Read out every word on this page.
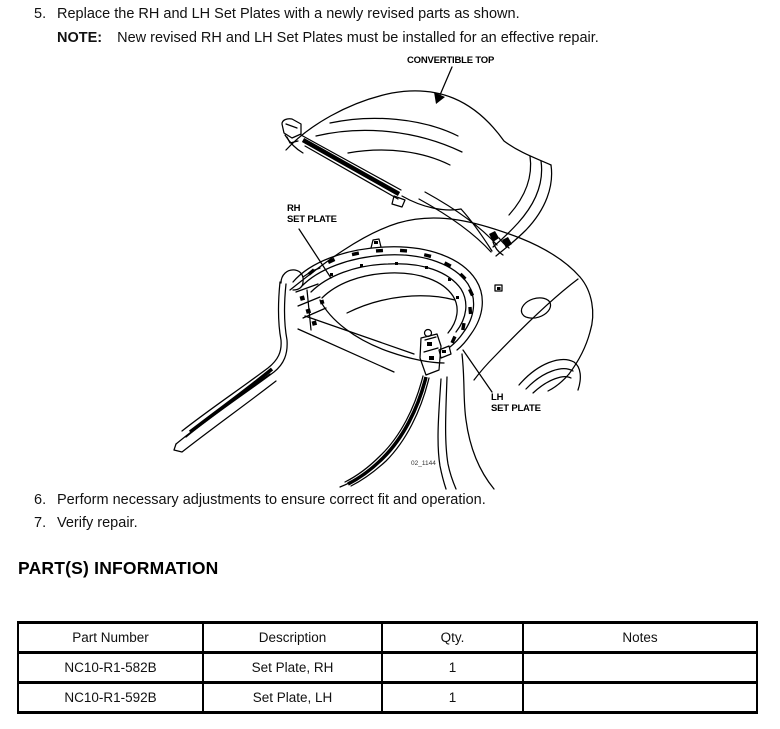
5. Replace the RH and LH Set Plates with a newly revised parts as shown.
NOTE: New revised RH and LH Set Plates must be installed for an effective repair.
CONVERTIBLE TOP
RH
SET PLATE
LH
SET PLATE
02_1144
6. Perform necessary adjustments to ensure correct fit and operation.
7. Verify repair.
PART(S) INFORMATION
Part Number	Description	Qty.	Notes
NC10-R1-582B	Set Plate, RH	1	
NC10-R1-592B	Set Plate, LH	1	
